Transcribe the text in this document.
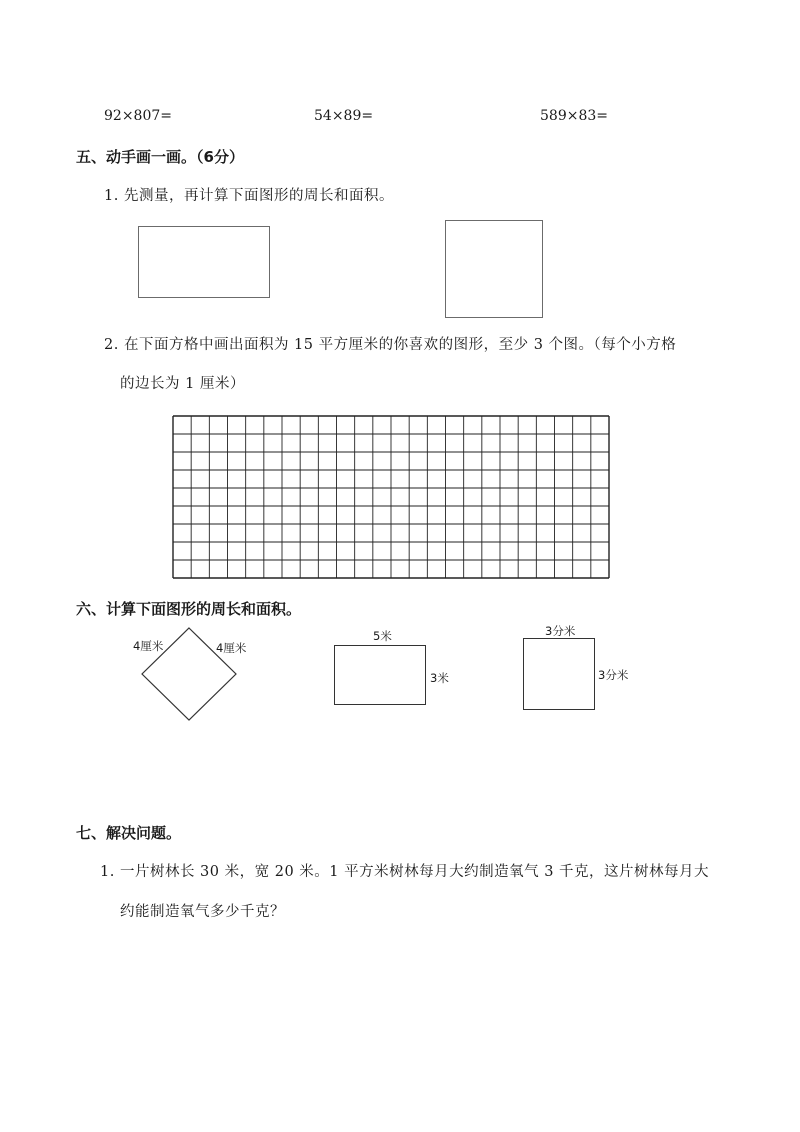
92×807=	54×89=	589×83=
五、动手画一画。（6分）
1. 先测量，再计算下面图形的周长和面积。
2. 在下面方格中画出面积为 15 平方厘米的你喜欢的图形，至少 3 个图。（每个小方格
的边长为 1 厘米）
六、计算下面图形的周长和面积。
4厘米	4厘米
5米
3米
3分米
3分米
七、解决问题。
1. 一片树林长 30 米，宽 20 米。1 平方米树林每月大约制造氧气 3 千克，这片树林每月大
约能制造氧气多少千克？
